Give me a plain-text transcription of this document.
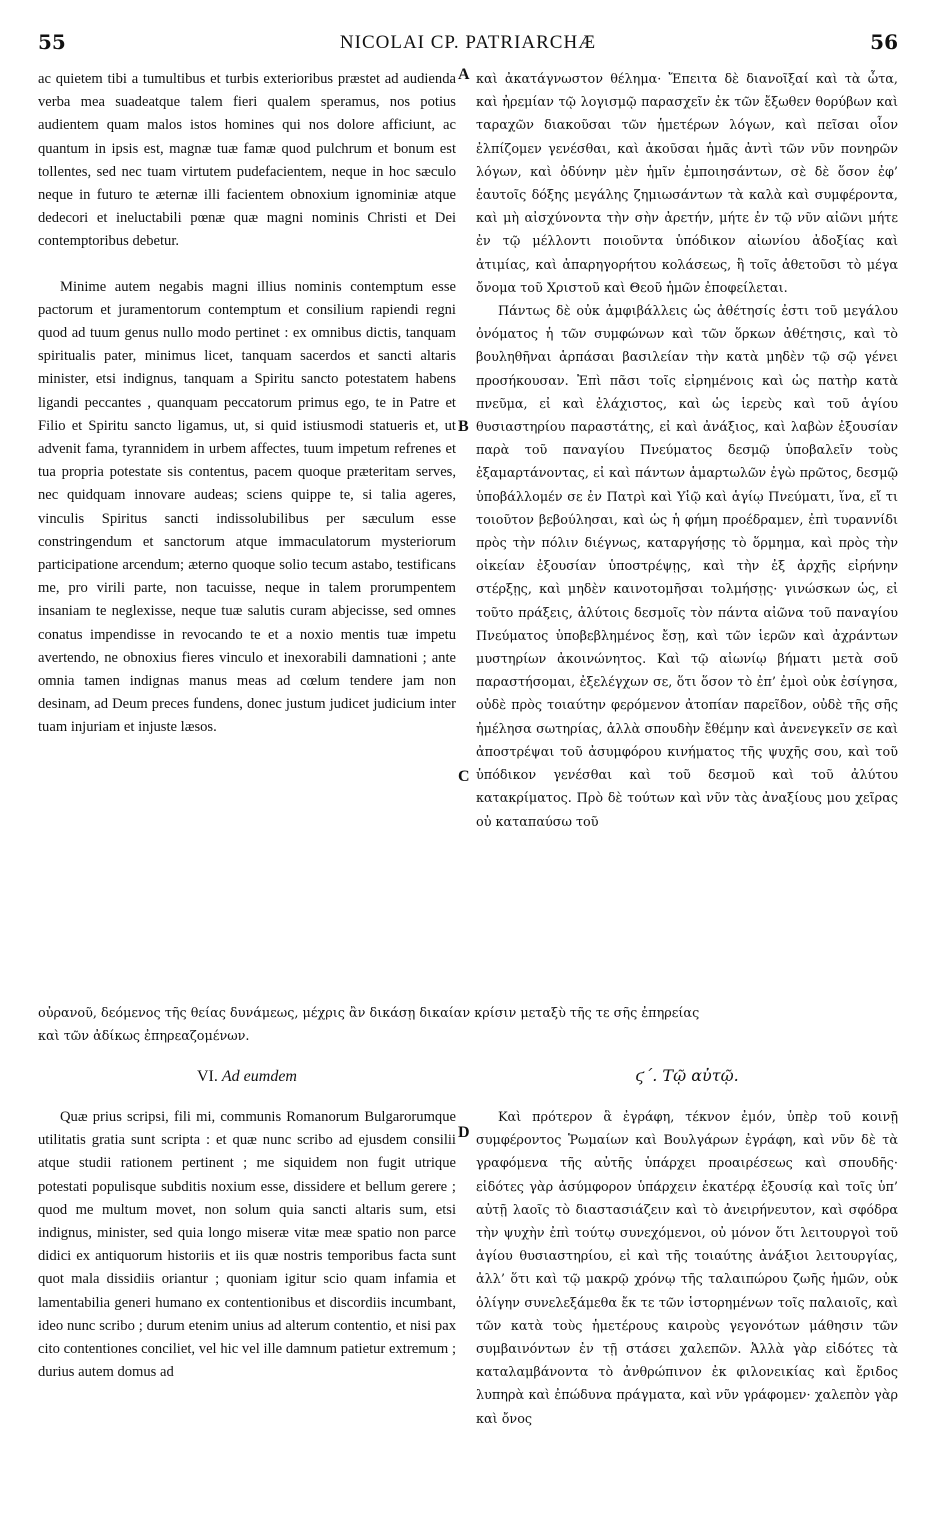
55	NICOLAI CP. PATRIARCHÆ	56

ac quietem tibi a tumultibus et turbis exterioribus præstet ad audienda verba mea suadeatque talem fieri qualem speramus, nos potius audientem quam malos istos homines qui nos dolore afficiunt, ac quantum in ipsis est, magnæ tuæ famæ quod pulchrum et bonum est tollentes, sed nec tuam virtutem pudefacientem, neque in hoc sæculo neque in futuro te æternæ illi facientem obnoxium ignominiæ atque dedecori et ineluctabili pœnæ quæ magni nominis Christi et Dei contemptoribus debetur.

Minime autem negabis magni illius nominis contemptum esse pactorum et juramentorum contemptum et consilium rapiendi regni quod ad tuum genus nullo modo pertinet : ex omnibus dictis, tanquam spiritualis pater, minimus licet, tanquam sacerdos et sancti altaris minister, etsi indignus, tanquam a Spiritu sancto potestatem habens ligandi peccantes , quanquam peccatorum primus ego, te in Patre et Filio et Spiritu sancto ligamus, ut, si quid istiusmodi statueris et, ut advenit fama, tyrannidem in urbem affectes, tuum impetum refrenes et tua propria potestate sis contentus, pacem quoque præteritam serves, nec quidquam innovare audeas; sciens quippe te, si talia ageres, vinculis Spiritus sancti indissolubilibus per sæculum esse constringendum et sanctorum atque immaculatorum mysteriorum participatione arcendum; æterno quoque solio tecum astabo, testificans me, pro virili parte, non tacuisse, neque in talem prorumpentem insaniam te neglexisse, neque tuæ salutis curam abjecisse, sed omnes conatus impendisse in revocando te et a noxio mentis tuæ impetu avertendo, ne obnoxius fieres vinculo et inexorabili damnationi ; ante omnia tamen indignas manus meas ad cœlum tendere jam non desinam, ad Deum preces fundens, donec justum judicet judicium inter tuam injuriam et injuste læsos.

καὶ ἀκατάγνωστον θέλημα· Ἔπειτα δὲ διανοῖξαί καὶ τὰ ὦτα, καὶ ἠρεμίαν τῷ λογισμῷ παρασχεῖν ἐκ τῶν ἔξωθεν θορύβων καὶ ταραχῶν διακοῦσαι τῶν ἡμετέρων λόγων, καὶ πεῖσαι οἷον ἐλπίζομεν γενέσθαι, καὶ ἀκοῦσαι ἡμᾶς ἀντὶ τῶν νῦν πονηρῶν λόγων, καὶ ὀδύνην μὲν ἡμῖν ἐμποιησάντων, σὲ δὲ ὅσον ἐφ’ ἑαυτοῖς δόξης μεγάλης ζημιωσάντων τὰ καλὰ καὶ συμφέροντα, καὶ μὴ αἰσχύνοντα τὴν σὴν ἀρετήν, μήτε ἐν τῷ νῦν αἰῶνι μήτε ἐν τῷ μέλλοντι ποιοῦντα ὑπόδικον αἰωνίου ἀδοξίας καὶ ἀτιμίας, καὶ ἀπαρηγορήτου κολάσεως, ἣ τοῖς ἀθετοῦσι τὸ μέγα ὄνομα τοῦ Χριστοῦ καὶ Θεοῦ ἡμῶν ἐποφείλεται.

Πάντως δὲ οὐκ ἀμφιβάλλεις ὡς ἀθέτησίς ἐστι τοῦ μεγάλου ὀνόματος ἡ τῶν συμφώνων καὶ τῶν ὅρκων ἀθέτησις, καὶ τὸ βουληθῆναι ἁρπάσαι βασιλείαν τὴν κατὰ μηδὲν τῷ σῷ γένει προσήκουσαν. Ἐπὶ πᾶσι τοῖς εἰρημένοις καὶ ὡς πατὴρ κατὰ πνεῦμα, εἰ καὶ ἐλάχιστος, καὶ ὡς ἱερεὺς καὶ τοῦ ἁγίου θυσιαστηρίου παραστάτης, εἰ καὶ ἀνάξιος, καὶ λαβὼν ἐξουσίαν παρὰ τοῦ παναγίου Πνεύματος δεσμῷ ὑποβαλεῖν τοὺς ἐξαμαρτάνοντας, εἰ καὶ πάντων ἁμαρτωλῶν ἐγὼ πρῶτος, δεσμῷ ὑποβάλλομέν σε ἐν Πατρὶ καὶ Υἱῷ καὶ ἁγίῳ Πνεύματι, ἵνα, εἴ τι τοιοῦτον βεβούλησαι, καὶ ὡς ἡ φήμη προέδραμεν, ἐπὶ τυραννίδι πρὸς τὴν πόλιν διέγνως, καταργήσῃς τὸ ὅρμημα, καὶ πρὸς τὴν οἰκείαν ἐξουσίαν ὑποστρέψῃς, καὶ τὴν ἐξ ἀρχῆς εἰρήνην στέρξῃς, καὶ μηδὲν καινοτομῆσαι τολμήσῃς· γινώσκων ὡς, εἰ τοῦτο πράξεις, ἀλύτοις δεσμοῖς τὸν πάντα αἰῶνα τοῦ παναγίου Πνεύματος ὑποβεβλημένος ἔσῃ, καὶ τῶν ἱερῶν καὶ ἀχράντων μυστηρίων ἀκοινώνητος. Καὶ τῷ αἰωνίῳ βήματι μετὰ σοῦ παραστήσομαι, ἐξελέγχων σε, ὅτι ὅσον τὸ ἐπ’ ἐμοὶ οὐκ ἐσίγησα, οὐδὲ πρὸς τοιαύτην φερόμενον ἀτοπίαν παρεῖδον, οὐδὲ τῆς σῆς ἠμέλησα σωτηρίας, ἀλλὰ σπουδὴν ἔθέμην καὶ ἀνενεγκεῖν σε καὶ ἀποστρέψαι τοῦ ἀσυμφόρου κινήματος τῆς ψυχῆς σου, καὶ τοῦ ὑπόδικον γενέσθαι καὶ τοῦ δεσμοῦ καὶ τοῦ ἀλύτου κατακρίματος. Πρὸ δὲ τούτων καὶ νῦν τὰς ἀναξίους μου χεῖρας οὐ καταπαύσω τοῦ

A
B
C
D
οὐρανοῦ, δεόμενος τῆς θείας δυνάμεως, μέχρις ἂν δικάσῃ δικαίαν κρίσιν μεταξὺ τῆς τε σῆς ἐπηρείας
καὶ τῶν ἀδίκως ἐπηρεαζομένων.
VI. Ad eumdem	ϛ΄. Τῷ αὐτῷ.

Quæ prius scripsi, fili mi, communis Romanorum Bulgarorumque utilitatis gratia sunt scripta : et quæ nunc scribo ad ejusdem consilii atque studii rationem pertinent ; me siquidem non fugit utrique potestati populisque subditis noxium esse, dissidere et bellum gerere ; quod me multum movet, non solum quia sancti altaris sum, etsi indignus, minister, sed quia longo miseræ vitæ meæ spatio non parce didici ex antiquorum historiis et iis quæ nostris temporibus facta sunt quot mala dissidiis oriantur ; quoniam igitur scio quam infamia et lamentabilia generi humano ex contentionibus et discordiis incumbant, ideo nunc scribo ; durum etenim unius ad alterum contentio, et nisi pax cito contentiones conciliet, vel hic vel ille damnum patietur extremum ; durius autem domus ad

Καὶ πρότερον ἃ ἐγράφη, τέκνον ἐμόν, ὑπὲρ τοῦ κοινῇ συμφέροντος Ῥωμαίων καὶ Βουλγάρων ἐγράφη, καὶ νῦν δὲ τὰ γραφόμενα τῆς αὐτῆς ὑπάρχει προαιρέσεως καὶ σπουδῆς· εἰδότες γὰρ ἀσύμφορον ὑπάρχειν ἑκατέρᾳ ἐξουσίᾳ καὶ τοῖς ὑπ’ αὐτῇ λαοῖς τὸ διαστασιάζειν καὶ τὸ ἀνειρήνευτον, καὶ σφόδρα τὴν ψυχὴν ἐπὶ τούτῳ συνεχόμενοι, οὐ μόνον ὅτι λειτουργοὶ τοῦ ἁγίου θυσιαστηρίου, εἰ καὶ τῆς τοιαύτης ἀνάξιοι λειτουργίας, ἀλλ’ ὅτι καὶ τῷ μακρῷ χρόνῳ τῆς ταλαιπώρου ζωῆς ἡμῶν, οὐκ ὀλίγην συνελεξάμεθα ἔκ τε τῶν ἱστορημένων τοῖς παλαιοῖς, καὶ τῶν κατὰ τοὺς ἡμετέρους καιροὺς γεγονότων μάθησιν τῶν συμβαινόντων ἐν τῇ στάσει χαλεπῶν. Ἀλλὰ γὰρ εἰδότες τὰ καταλαμβάνοντα τὸ ἀνθρώπινον ἐκ φιλονεικίας καὶ ἔριδος λυπηρὰ καὶ ἐπώδυνα πράγματα, καὶ νῦν γράφομεν· χαλεπὸν γὰρ καὶ ὄνος
